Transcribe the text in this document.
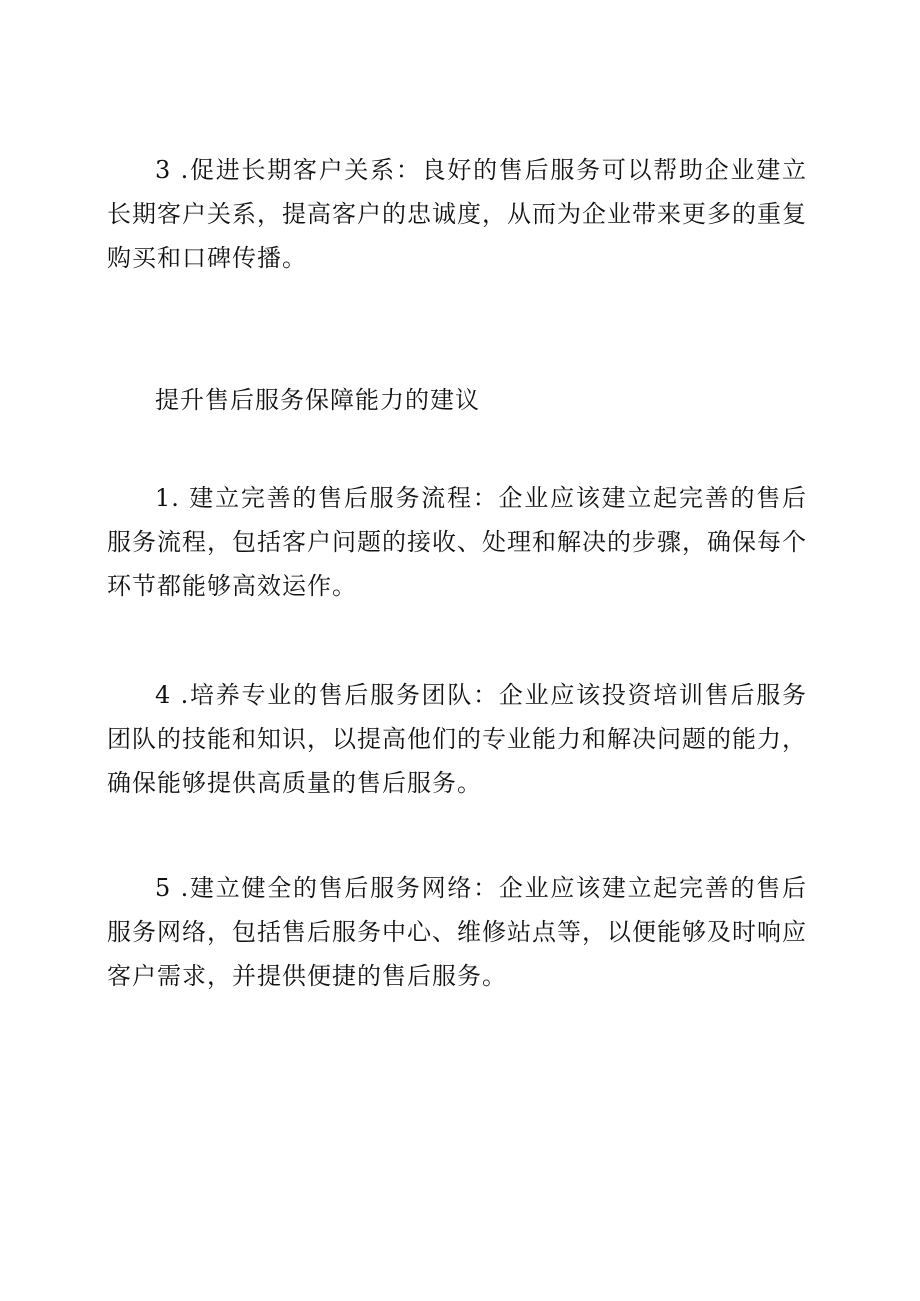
3 .促进长期客户关系：良好的售后服务可以帮助企业建立长期客户关系，提高客户的忠诚度，从而为企业带来更多的重复购买和口碑传播。

提升售后服务保障能力的建议

1. 建立完善的售后服务流程：企业应该建立起完善的售后服务流程，包括客户问题的接收、处理和解决的步骤，确保每个环节都能够高效运作。

4 .培养专业的售后服务团队：企业应该投资培训售后服务团队的技能和知识，以提高他们的专业能力和解决问题的能力，确保能够提供高质量的售后服务。

5 .建立健全的售后服务网络：企业应该建立起完善的售后服务网络，包括售后服务中心、维修站点等，以便能够及时响应客户需求，并提供便捷的售后服务。
